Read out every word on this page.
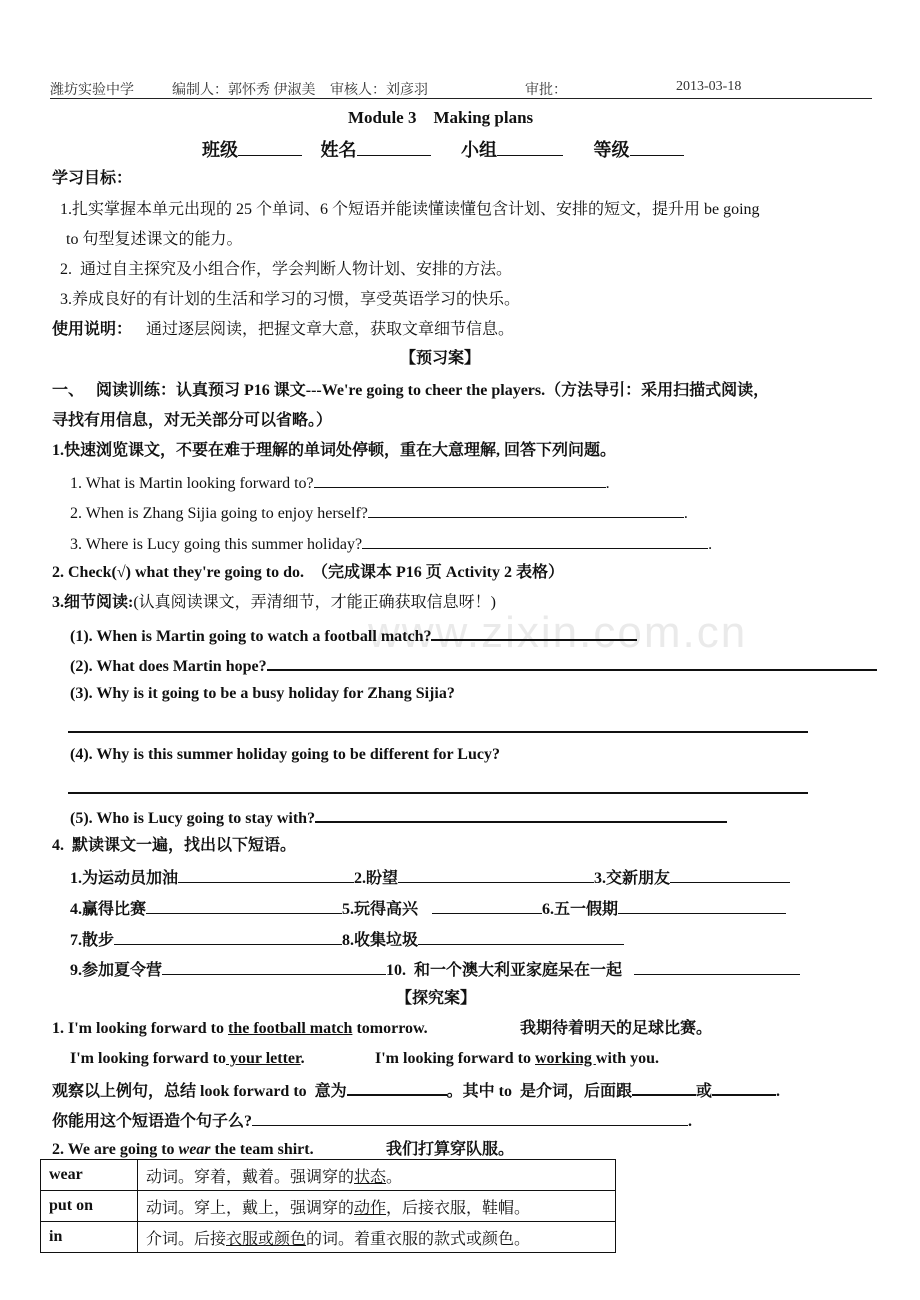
潍坊实验中学	编制人：郭怀秀 伊淑美 审核人：刘彦羽	审批：	2013-03-18
www.zixin.com.cn
Module 3    Making plans
班级	姓名	小组	等级
学习目标：
1.扎实掌握本单元出现的 25 个单词、6 个短语并能读懂读懂包含计划、安排的短文，提升用 be going
to 句型复述课文的能力。
2.  通过自主探究及小组合作，学会判断人物计划、安排的方法。
3.养成良好的有计划的生活和学习的习惯，享受英语学习的快乐。
使用说明： 通过逐层阅读，把握文章大意，获取文章细节信息。
【预习案】
一、   阅读训练：认真预习 P16 课文---We're going to cheer the players.（方法导引：采用扫描式阅读，
寻找有用信息，对无关部分可以省略。）
1.快速浏览课文，不要在难于理解的单词处停顿，重在大意理解, 回答下列问题。
1. What is Martin looking forward to?	.
2. When is Zhang Sijia going to enjoy herself?	.
3. Where is Lucy going this summer holiday?	.
2. Check(√) what they're going to do.  （完成课本 P16 页 Activity 2 表格）
3.细节阅读:(认真阅读课文，弄清细节，才能正确获取信息呀！)
(1). When is Martin going to watch a football match?
(2). What does Martin hope?
(3). Why is it going to be a busy holiday for Zhang Sijia?
(4). Why is this summer holiday going to be different for Lucy?
(5). Who is Lucy going to stay with?
4.  默读课文一遍，找出以下短语。
1.为运动员加油	2.盼望	3.交新朋友
4.赢得比赛	5.玩得高兴	6.五一假期
7.散步	8.收集垃圾
9.参加夏令营	10.  和一个澳大利亚家庭呆在一起
【探究案】
1. I'm looking forward to the football match tomorrow.	我期待着明天的足球比赛。
I'm looking forward to your letter.	I'm looking forward to working with you.
观察以上例句，总结 look forward to  意为	。其中 to  是介词，后面跟	或	.
你能用这个短语造个句子么?	.
2. We are going to wear the team shirt.	我们打算穿队服。
wear	动词。穿着，戴着。强调穿的状态。
put on	动词。穿上，戴上，强调穿的动作，后接衣服，鞋帽。
in	介词。后接衣服或颜色的词。着重衣服的款式或颜色。
